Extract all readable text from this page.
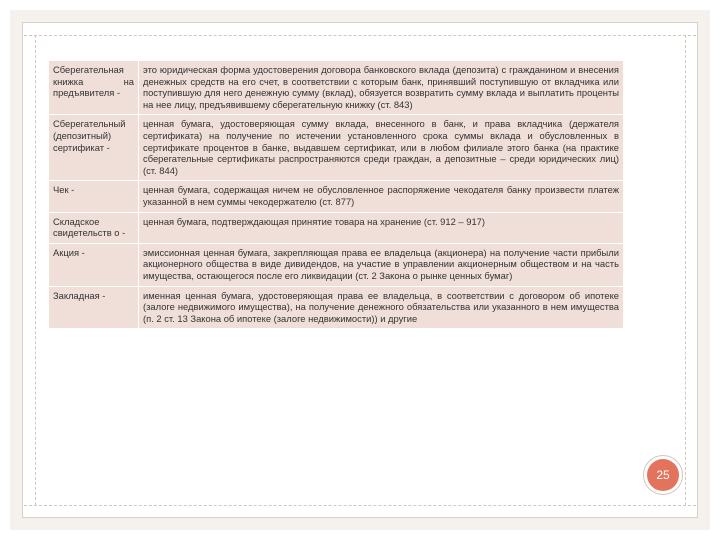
Сберегательная книжка на предъявителя -	это юридическая форма удостоверения договора банковского вклада (депозита) с гражданином и внесения денежных средств на его счет, в соответствии с которым банк, принявший поступившую от вкладчика или поступившую для него денежную сумму (вклад), обязуется возвратить сумму вклада и выплатить проценты на нее лицу, предъявившему сберегательную книжку (ст. 843)
Сберегательный (депозитный) сертификат -	ценная бумага, удостоверяющая сумму вклада, внесенного в банк, и права вкладчика (держателя сертификата) на получение по истечении установленного срока суммы вклада и обусловленных в сертификате процентов в банке, выдавшем сертификат, или в любом филиале этого банка (на практике сберегательные сертификаты распространяются среди граждан, а депозитные – среди юридических лиц) (ст. 844)
Чек -	ценная бумага, содержащая ничем не обусловленное распоряжение чекодателя банку произвести платеж указанной в нем суммы чекодержателю (ст. 877)
Складское свидетельств о -	ценная бумага, подтверждающая принятие товара на хранение (ст. 912 – 917)
Акция -	эмиссионная ценная бумага, закрепляющая права ее владельца (акционера) на получение части прибыли акционерного общества в виде дивидендов, на участие в управлении акционерным обществом и на часть имущества, остающегося после его ликвидации (ст. 2 Закона о рынке ценных бумаг)
Закладная -	именная ценная бумага, удостоверяющая права ее владельца, в соответствии с договором об ипотеке (залоге недвижимого имущества), на получение денежного обязательства или указанного в нем имущества (п. 2 ст. 13 Закона об ипотеке (залоге недвижимости)) и другие
25
